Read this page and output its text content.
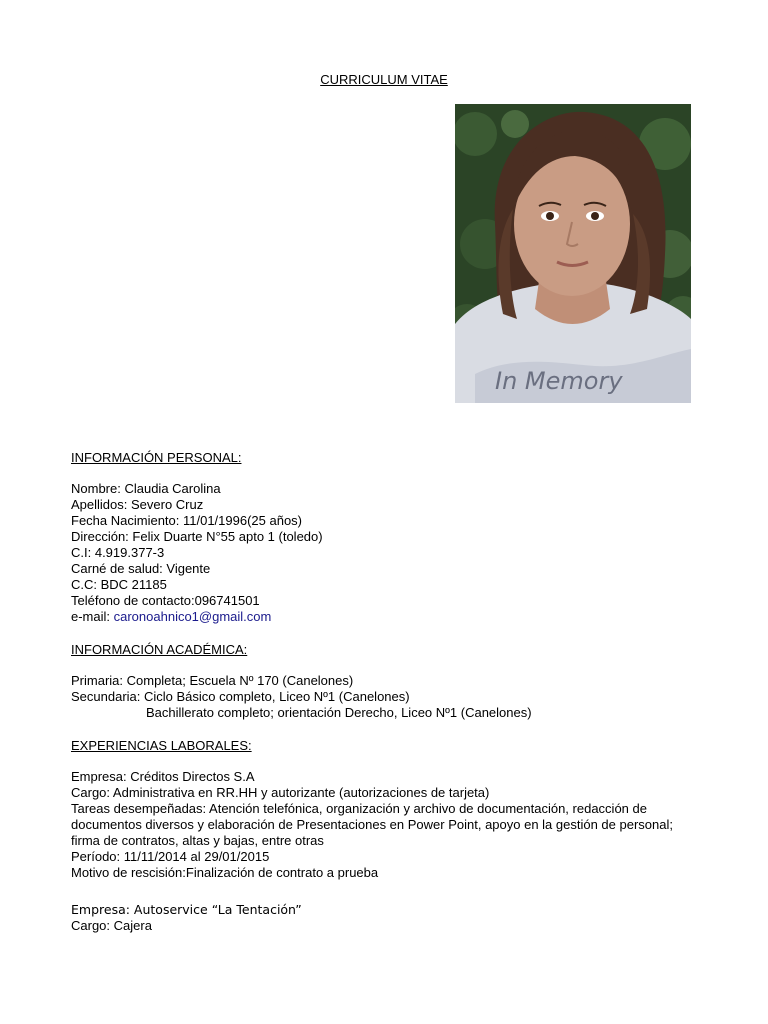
CURRICULUM VITAE
In Memory
INFORMACIÓN PERSONAL:
Nombre: Claudia Carolina
Apellidos: Severo Cruz
Fecha Nacimiento: 11/01/1996(25 años)
Dirección: Felix Duarte N°55 apto 1 (toledo)
C.I: 4.919.377-3
Carné de salud: Vigente
C.C: BDC 21185
Teléfono de contacto:096741501
e-mail: caronoahnico1@gmail.com
INFORMACIÓN ACADÉMICA:
Primaria: Completa; Escuela Nº 170 (Canelones)
Secundaria: Ciclo Básico completo, Liceo Nº1 (Canelones)
Bachillerato completo; orientación Derecho, Liceo Nº1 (Canelones)
EXPERIENCIAS LABORALES:
Empresa: Créditos Directos S.A
Cargo: Administrativa en RR.HH y autorizante (autorizaciones de tarjeta)
Tareas desempeñadas: Atención telefónica, organización y archivo de documentación, redacción de documentos diversos y elaboración de Presentaciones en Power Point, apoyo en la gestión de personal; firma de contratos, altas y bajas, entre otras
Período: 11/11/2014 al 29/01/2015
Motivo de rescisión:Finalización de contrato a prueba
Empresa: Autoservice “La Tentación”
Cargo: Cajera
